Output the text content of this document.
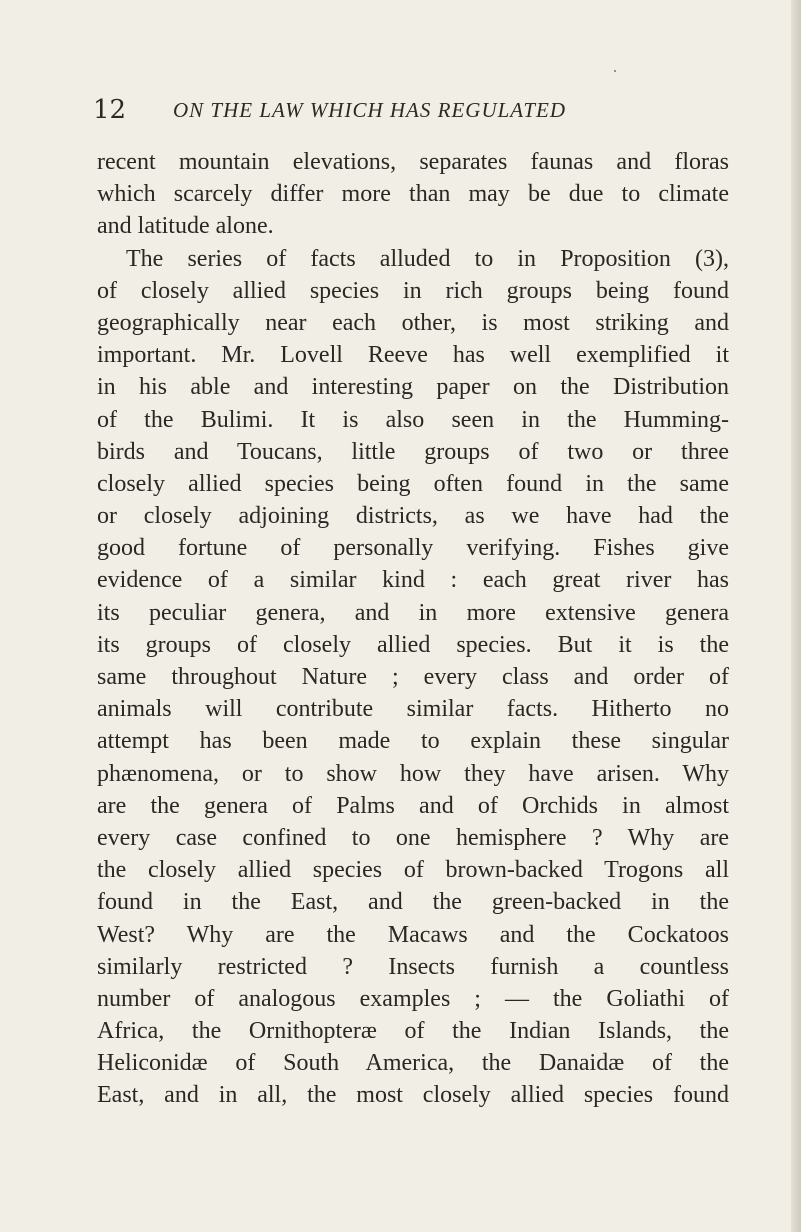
12 ON THE LAW WHICH HAS REGULATED
recent mountain elevations, separates faunas and floras
which scarcely differ more than may be due to climate
and latitude alone.
The series of facts alluded to in Proposition (3),
of closely allied species in rich groups being found
geographically near each other, is most striking and
important. Mr. Lovell Reeve has well exemplified it
in his able and interesting paper on the Distribution
of the Bulimi. It is also seen in the Humming-
birds and Toucans, little groups of two or three
closely allied species being often found in the same
or closely adjoining districts, as we have had the
good fortune of personally verifying. Fishes give
evidence of a similar kind : each great river has
its peculiar genera, and in more extensive genera
its groups of closely allied species. But it is the
same throughout Nature ; every class and order of
animals will contribute similar facts. Hitherto no
attempt has been made to explain these singular
phænomena, or to show how they have arisen. Why
are the genera of Palms and of Orchids in almost
every case confined to one hemisphere ? Why are
the closely allied species of brown-backed Trogons all
found in the East, and the green-backed in the
West? Why are the Macaws and the Cockatoos
similarly restricted ? Insects furnish a countless
number of analogous examples ; — the Goliathi of
Africa, the Ornithopteræ of the Indian Islands, the
Heliconidæ of South America, the Danaidæ of the
East, and in all, the most closely allied species found
